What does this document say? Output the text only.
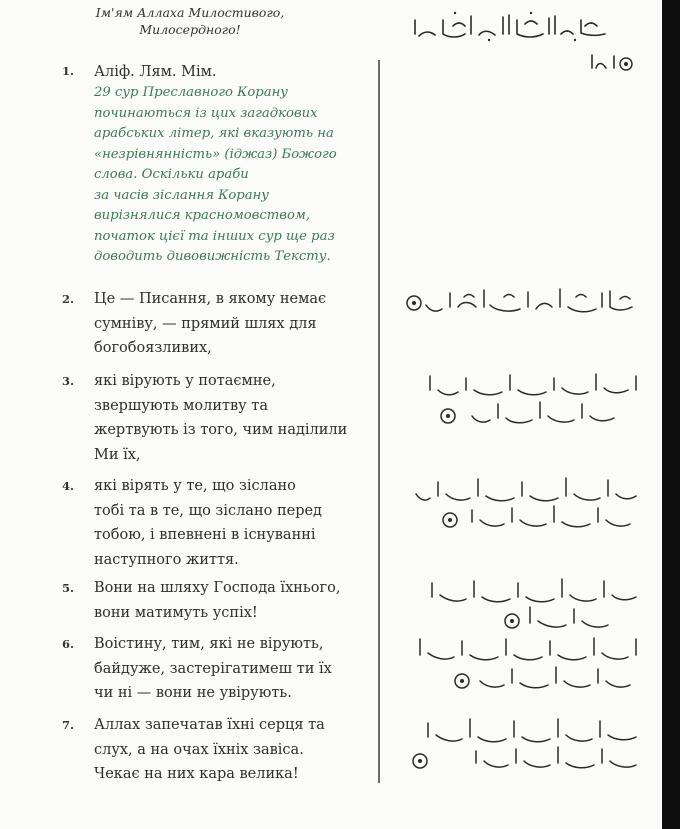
Ім'ям Аллаха Милостивого,
Милосердного!
1.	Аліф. Лям. Мім.
29 сур Преславного Корану
починаються із цих загадкових
арабських літер, які вказують на
«незрівнянність» (іджаз) Божого
слова. Оскільки араби
за часів зіслання Корану
вирізнялися красномовством,
початок цієї та інших сур ще раз
доводить дивовижність Тексту.
2.	Це — Писання, в якому немає
сумніву, — прямий шлях для
богобоязливих,
3.	які вірують у потаємне,
звершують молитву та
жертвують із того, чим наділили
Ми їх,
4.	які вірять у те, що зіслано
тобі та в те, що зіслано перед
тобою, і впевнені в існуванні
наступного життя.
5.	Вони на шляху Господа їхнього,
вони матимуть успіх!
6.	Воістину, тим, які не вірують,
байдуже, застерігатимеш ти їх
чи ні — вони не увірують.
7.	Аллах запечатав їхні серця та
слух, а на очах їхніх завіса.
Чекає на них кара велика!
